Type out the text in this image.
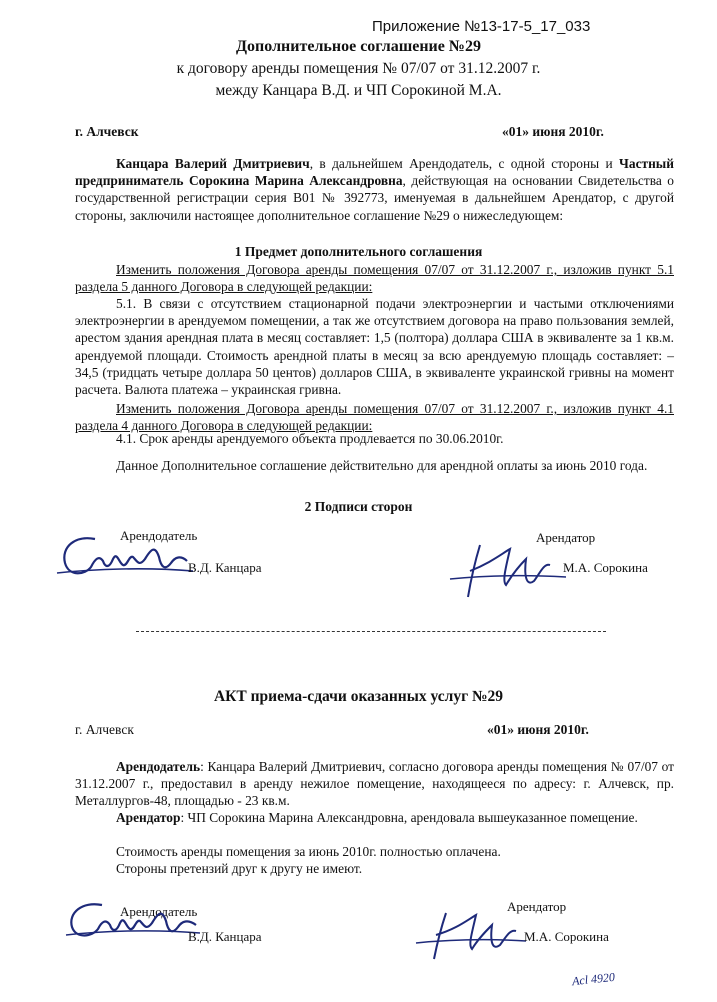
Приложение №13-17-5_17_033
Дополнительное соглашение №29
к договору аренды помещения № 07/07 от 31.12.2007 г.
между Канцара В.Д. и ЧП Сорокиной М.А.
г. Алчевск	«01» июня 2010г.
Канцара Валерий Дмитриевич, в дальнейшем Арендодатель, с одной стороны и Частный предприниматель Сорокина Марина Александровна, действующая на основании Свидетельства о государственной регистрации серия В01 № 392773, именуемая в дальнейшем Арендатор, с другой стороны, заключили настоящее дополнительное соглашение №29 о нижеследующем:
1 Предмет дополнительного соглашения
Изменить положения Договора аренды помещения 07/07 от 31.12.2007 г., изложив пункт 5.1 раздела 5 данного Договора в следующей редакции:
5.1. В связи с отсутствием стационарной подачи электроэнергии и частыми отключениями электроэнергии в арендуемом помещении, а так же отсутствием договора на право пользования землей, арестом здания арендная плата в месяц составляет: 1,5 (полтора) доллара США в эквиваленте за 1 кв.м. арендуемой площади. Стоимость арендной платы в месяц за всю арендуемую площадь составляет: – 34,5 (тридцать четыре доллара 50 центов) долларов США, в эквиваленте украинской гривны на момент расчета. Валюта платежа – украинская гривна.
Изменить положения Договора аренды помещения 07/07 от 31.12.2007 г., изложив пункт 4.1 раздела 4 данного Договора в следующей редакции:
4.1. Срок аренды арендуемого объекта продлевается по 30.06.2010г.
Данное Дополнительное соглашение действительно для арендной оплаты за июнь 2010 года.
2 Подписи сторон
Арендодатель
В.Д. Канцара
Арендатор
М.А. Сорокина
АКТ приема-сдачи оказанных услуг №29
г. Алчевск	«01» июня 2010г.
Арендодатель: Канцара Валерий Дмитриевич, согласно договора аренды помещения № 07/07 от 31.12.2007 г., предоставил в аренду нежилое помещение, находящееся по адресу: г. Алчевск, пр. Металлургов-48, площадью - 23 кв.м.
Арендатор: ЧП Сорокина Марина Александровна, арендовала вышеуказанное помещение.
Стоимость аренды помещения за июнь 2010г. полностью оплачена.
Стороны претензий друг к другу не имеют.
Арендодатель
В.Д. Канцара
Арендатор
М.А. Сорокина
Acl 4920
